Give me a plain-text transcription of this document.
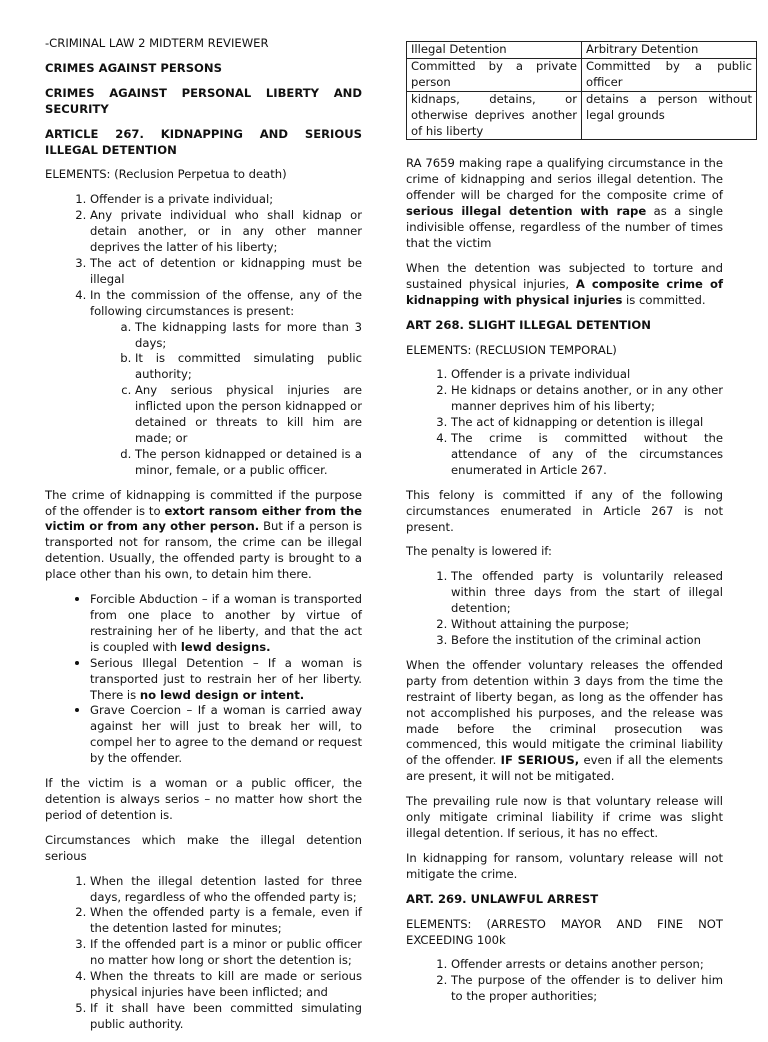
-CRIMINAL LAW 2 MIDTERM REVIEWER

CRIMES AGAINST PERSONS

CRIMES AGAINST PERSONAL LIBERTY AND SECURITY

ARTICLE 267. KIDNAPPING AND SERIOUS ILLEGAL DETENTION

ELEMENTS: (Reclusion Perpetua to death)

1. Offender is a private individual;
2. Any private individual who shall kidnap or detain another, or in any other manner deprives the latter of his liberty;
3. The act of detention or kidnapping must be illegal
4. In the commission of the offense, any of the following circumstances is present:
a. The kidnapping lasts for more than 3 days;
b. It is committed simulating public authority;
c. Any serious physical injuries are inflicted upon the person kidnapped or detained or threats to kill him are made; or
d. The person kidnapped or detained is a minor, female, or a public officer.

The crime of kidnapping is committed if the purpose of the offender is to extort ransom either from the victim or from any other person. But if a person is transported not for ransom, the crime can be illegal detention. Usually, the offended party is brought to a place other than his own, to detain him there.

• Forcible Abduction – if a woman is transported from one place to another by virtue of restraining her of he liberty, and that the act is coupled with lewd designs.
• Serious Illegal Detention – If a woman is transported just to restrain her of her liberty. There is no lewd design or intent.
• Grave Coercion – If a woman is carried away against her will just to break her will, to compel her to agree to the demand or request by the offender.

If the victim is a woman or a public officer, the detention is always serios – no matter how short the period of detention is.

Circumstances which make the illegal detention serious

1. When the illegal detention lasted for three days, regardless of who the offended party is;
2. When the offended party is a female, even if the detention lasted for minutes;
3. If the offended part is a minor or public officer no matter how long or short the detention is;
4. When the threats to kill are made or serious physical injuries have been inflicted; and
5. If it shall have been committed simulating public authority.
Illegal Detention	Arbitrary Detention
Committed by a private person	Committed by a public officer
kidnaps, detains, or otherwise deprives another of his liberty	detains a person without legal grounds

RA 7659 making rape a qualifying circumstance in the crime of kidnapping and serios illegal detention. The offender will be charged for the composite crime of serious illegal detention with rape as a single indivisible offense, regardless of the number of times that the victim

When the detention was subjected to torture and sustained physical injuries, A composite crime of kidnapping with physical injuries is committed.

ART 268. SLIGHT ILLEGAL DETENTION

ELEMENTS: (RECLUSION TEMPORAL)

1. Offender is a private individual
2. He kidnaps or detains another, or in any other manner deprives him of his liberty;
3. The act of kidnapping or detention is illegal
4. The crime is committed without the attendance of any of the circumstances enumerated in Article 267.

This felony is committed if any of the following circumstances enumerated in Article 267 is not present.

The penalty is lowered if:

1. The offended party is voluntarily released within three days from the start of illegal detention;
2. Without attaining the purpose;
3. Before the institution of the criminal action

When the offender voluntary releases the offended party from detention within 3 days from the time the restraint of liberty began, as long as the offender has not accomplished his purposes, and the release was made before the criminal prosecution was commenced, this would mitigate the criminal liability of the offender. IF SERIOUS, even if all the elements are present, it will not be mitigated.

The prevailing rule now is that voluntary release will only mitigate criminal liability if crime was slight illegal detention. If serious, it has no effect.

In kidnapping for ransom, voluntary release will not mitigate the crime.

ART. 269. UNLAWFUL ARREST

ELEMENTS: (ARRESTO MAYOR AND FINE NOT EXCEEDING 100k

1. Offender arrests or detains another person;
2. The purpose of the offender is to deliver him to the proper authorities;
